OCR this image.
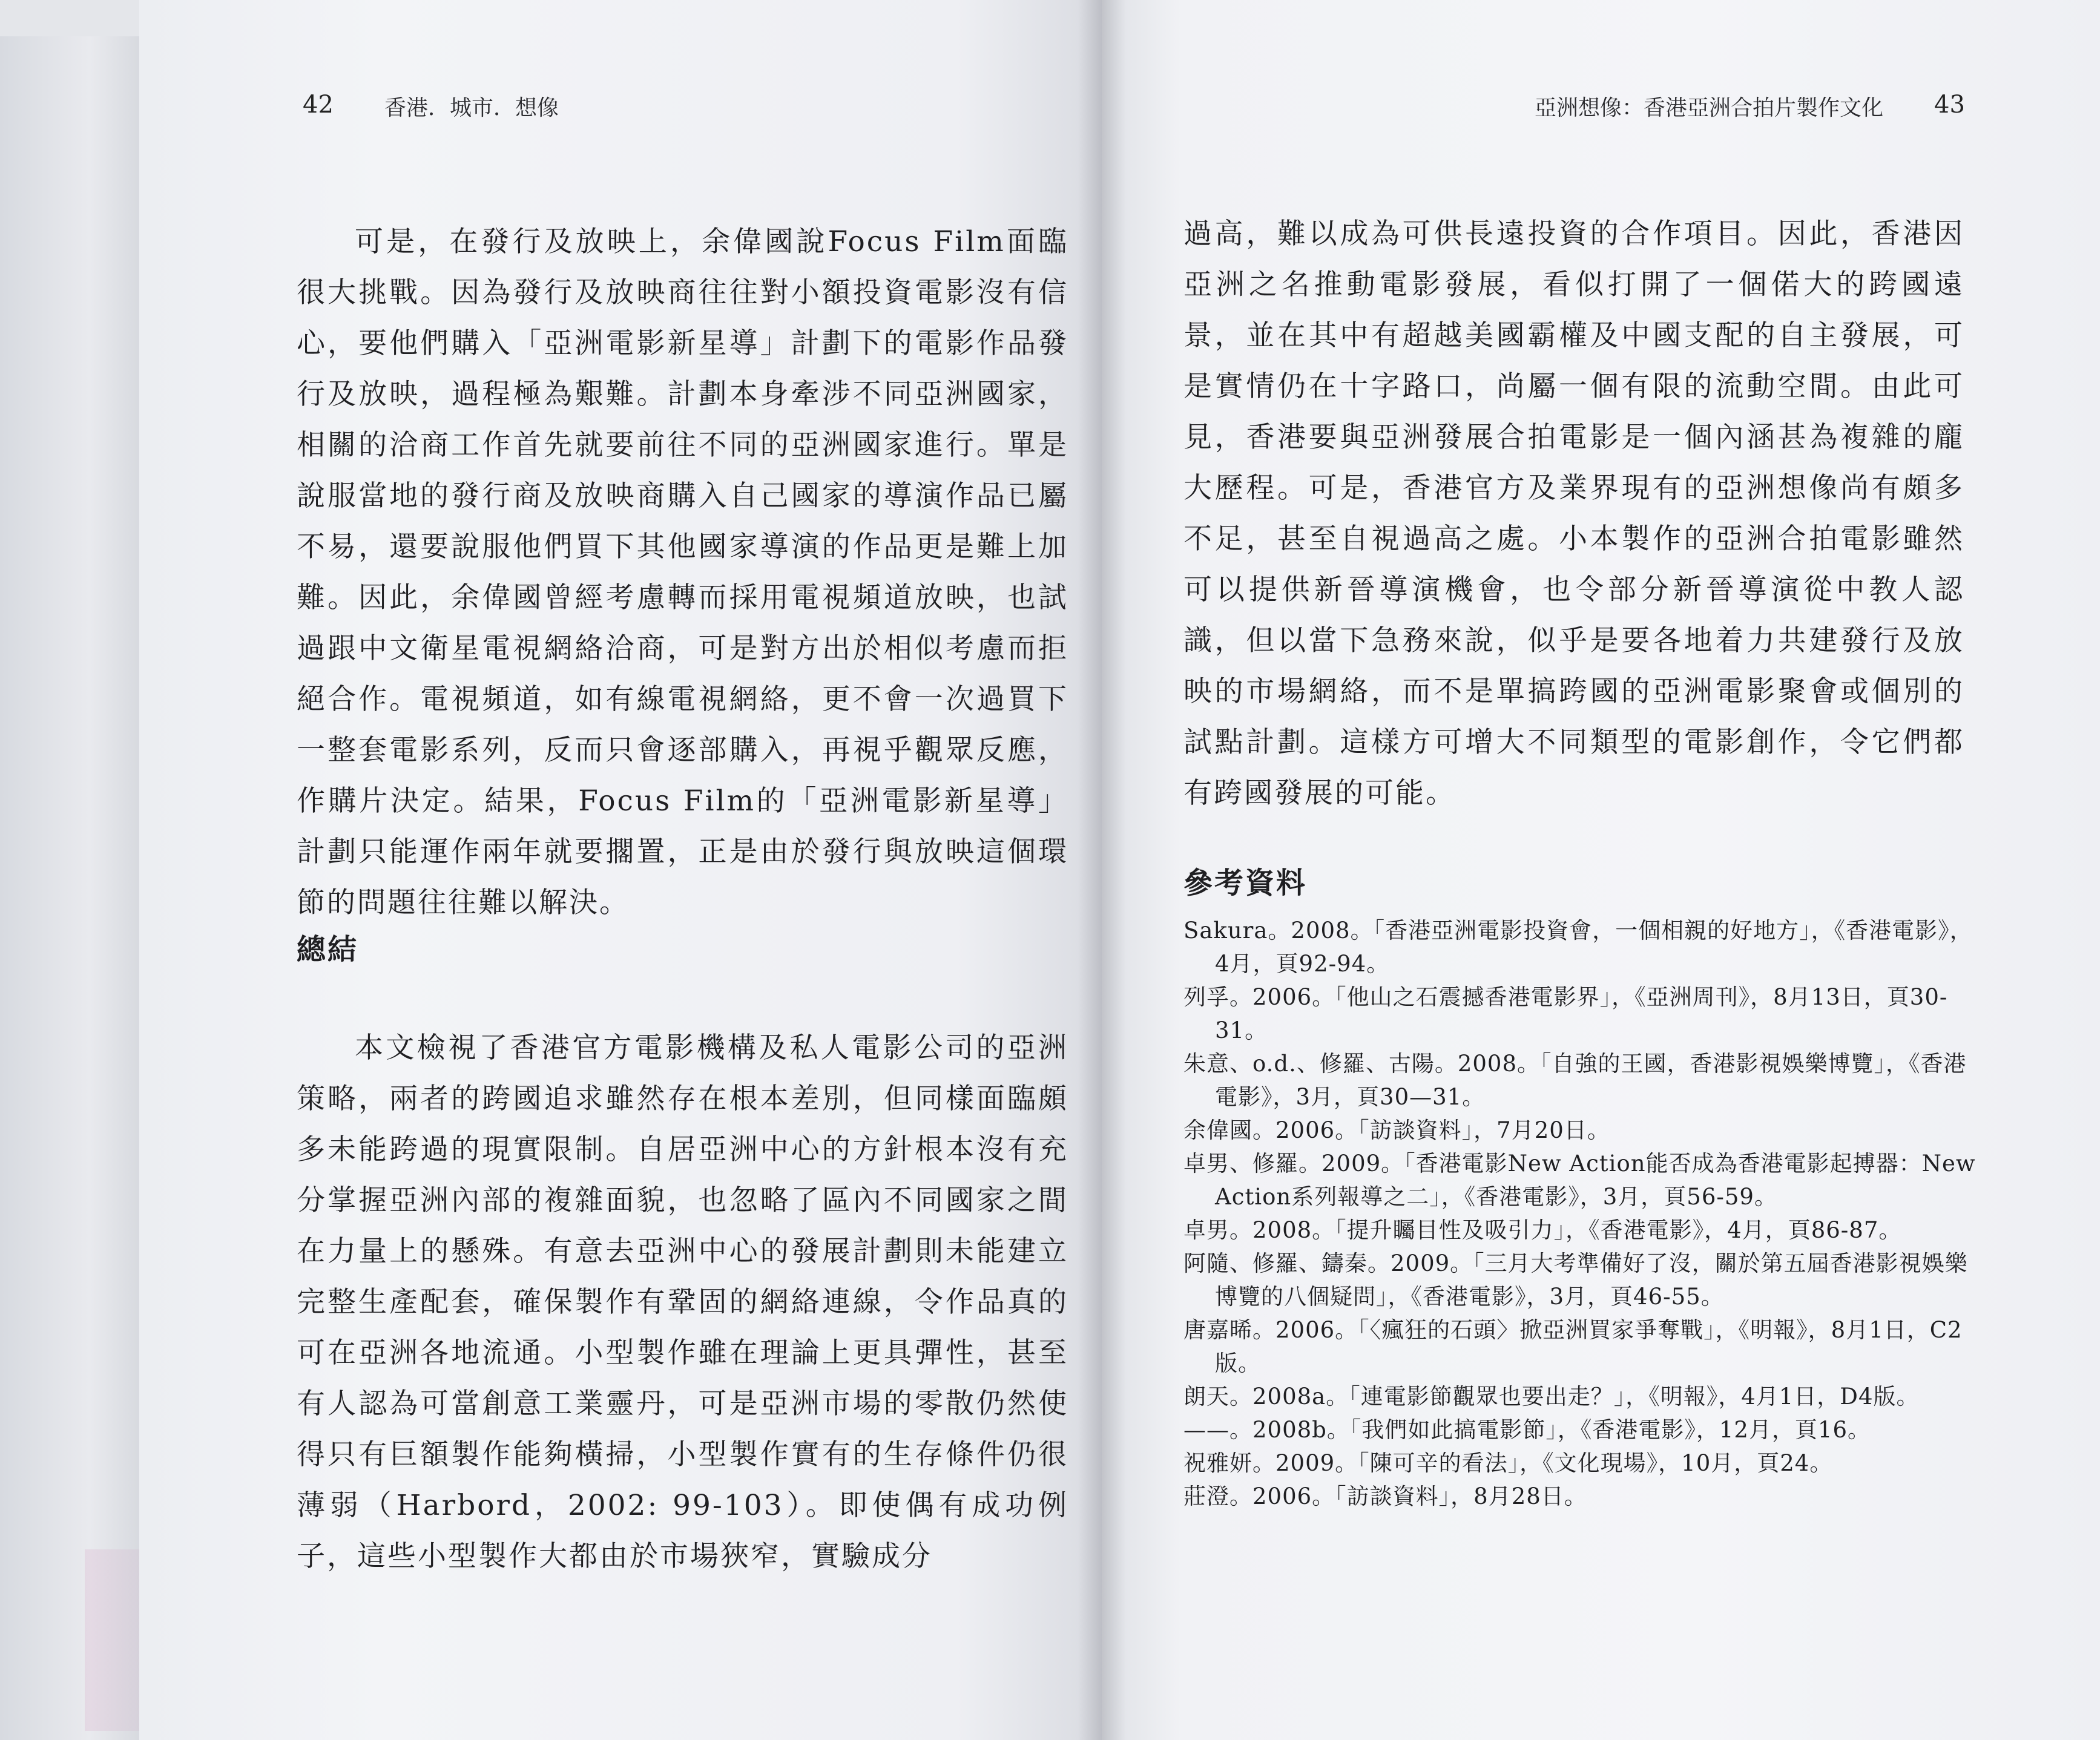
42 香港．城市．想像

可是，在發行及放映上，余偉國說Focus Film面臨很大挑戰。因為發行及放映商往往對小額投資電影沒有信心，要他們購入「亞洲電影新星導」計劃下的電影作品發行及放映，過程極為艱難。計劃本身牽涉不同亞洲國家，相關的洽商工作首先就要前往不同的亞洲國家進行。單是說服當地的發行商及放映商購入自己國家的導演作品已屬不易，還要說服他們買下其他國家導演的作品更是難上加難。因此，余偉國曾經考慮轉而採用電視頻道放映，也試過跟中文衛星電視網絡洽商，可是對方出於相似考慮而拒絕合作。電視頻道，如有線電視網絡，更不會一次過買下一整套電影系列，反而只會逐部購入，再視乎觀眾反應，作購片決定。結果，Focus Film的「亞洲電影新星導」計劃只能運作兩年就要擱置，正是由於發行與放映這個環節的問題往往難以解決。

總結

本文檢視了香港官方電影機構及私人電影公司的亞洲策略，兩者的跨國追求雖然存在根本差別，但同樣面臨頗多未能跨過的現實限制。自居亞洲中心的方針根本沒有充分掌握亞洲內部的複雜面貌，也忽略了區內不同國家之間在力量上的懸殊。有意去亞洲中心的發展計劃則未能建立完整生產配套，確保製作有鞏固的網絡連線，令作品真的可在亞洲各地流通。小型製作雖在理論上更具彈性，甚至有人認為可當創意工業靈丹，可是亞洲市場的零散仍然使得只有巨額製作能夠橫掃，小型製作實有的生存條件仍很薄弱（Harbord，2002: 99-103）。即使偶有成功例子，這些小型製作大都由於市場狹窄，實驗成分

亞洲想像：香港亞洲合拍片製作文化 43

過高，難以成為可供長遠投資的合作項目。因此，香港因亞洲之名推動電影發展，看似打開了一個偌大的跨國遠景，並在其中有超越美國霸權及中國支配的自主發展，可是實情仍在十字路口，尚屬一個有限的流動空間。由此可見，香港要與亞洲發展合拍電影是一個內涵甚為複雜的龐大歷程。可是，香港官方及業界現有的亞洲想像尚有頗多不足，甚至自視過高之處。小本製作的亞洲合拍電影雖然可以提供新晉導演機會，也令部分新晉導演從中教人認識，但以當下急務來說，似乎是要各地着力共建發行及放映的市場網絡，而不是單搞跨國的亞洲電影聚會或個別的試點計劃。這樣方可增大不同類型的電影創作，令它們都有跨國發展的可能。

參考資料

Sakura。2008。「香港亞洲電影投資會，一個相親的好地方」，《香港電影》，4月，頁92-94。

列孚。2006。「他山之石震撼香港電影界」，《亞洲周刊》，8月13日，頁30-31。

朱意、o.d.、修羅、古陽。2008。「自強的王國，香港影視娛樂博覽」，《香港電影》，3月，頁30—31。

余偉國。2006。「訪談資料」，7月20日。

卓男、修羅。2009。「香港電影New Action能否成為香港電影起搏器：New Action系列報導之二」，《香港電影》，3月，頁56-59。

卓男。2008。「提升矚目性及吸引力」，《香港電影》，4月，頁86-87。

阿隨、修羅、鑄秦。2009。「三月大考準備好了沒，關於第五屆香港影視娛樂博覽的八個疑問」，《香港電影》，3月，頁46-55。

唐嘉晞。2006。「〈瘋狂的石頭〉掀亞洲買家爭奪戰」，《明報》，8月1日，C2版。

朗天。2008a。「連電影節觀眾也要出走？」，《明報》，4月1日，D4版。

——。2008b。「我們如此搞電影節」，《香港電影》，12月，頁16。

祝雅妍。2009。「陳可辛的看法」，《文化現場》，10月，頁24。

莊澄。2006。「訪談資料」，8月28日。
